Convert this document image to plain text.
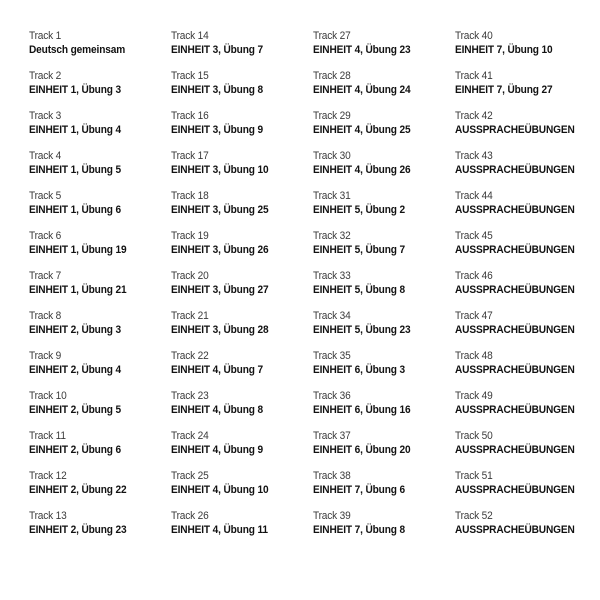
Track 1
Deutsch gemeinsam
Track 2
EINHEIT 1, Übung 3
Track 3
EINHEIT 1, Übung 4
Track 4
EINHEIT 1, Übung 5
Track 5
EINHEIT 1, Übung 6
Track 6
EINHEIT 1, Übung 19
Track 7
EINHEIT 1, Übung 21
Track 8
EINHEIT 2, Übung 3
Track 9
EINHEIT 2, Übung 4
Track 10
EINHEIT 2, Übung 5
Track 11
EINHEIT 2, Übung 6
Track 12
EINHEIT 2, Übung 22
Track 13
EINHEIT 2, Übung 23
Track 14
EINHEIT 3, Übung 7
Track 15
EINHEIT 3, Übung 8
Track 16
EINHEIT 3, Übung 9
Track 17
EINHEIT 3, Übung 10
Track 18
EINHEIT 3, Übung 25
Track 19
EINHEIT 3, Übung 26
Track 20
EINHEIT 3, Übung 27
Track 21
EINHEIT 3, Übung 28
Track 22
EINHEIT 4, Übung 7
Track 23
EINHEIT 4, Übung 8
Track 24
EINHEIT 4, Übung 9
Track 25
EINHEIT 4, Übung 10
Track 26
EINHEIT 4, Übung 11
Track 27
EINHEIT 4, Übung 23
Track 28
EINHEIT 4, Übung 24
Track 29
EINHEIT 4, Übung 25
Track 30
EINHEIT 4, Übung 26
Track 31
EINHEIT 5, Übung 2
Track 32
EINHEIT 5, Übung 7
Track 33
EINHEIT 5, Übung 8
Track 34
EINHEIT 5, Übung 23
Track 35
EINHEIT 6, Übung 3
Track 36
EINHEIT 6, Übung 16
Track 37
EINHEIT 6, Übung 20
Track 38
EINHEIT 7, Übung 6
Track 39
EINHEIT 7, Übung 8
Track 40
EINHEIT 7, Übung 10
Track 41
EINHEIT 7, Übung 27
Track 42
AUSSPRACHEÜBUNGEN
Track 43
AUSSPRACHEÜBUNGEN
Track 44
AUSSPRACHEÜBUNGEN
Track 45
AUSSPRACHEÜBUNGEN
Track 46
AUSSPRACHEÜBUNGEN
Track 47
AUSSPRACHEÜBUNGEN
Track 48
AUSSPRACHEÜBUNGEN
Track 49
AUSSPRACHEÜBUNGEN
Track 50
AUSSPRACHEÜBUNGEN
Track 51
AUSSPRACHEÜBUNGEN
Track 52
AUSSPRACHEÜBUNGEN
